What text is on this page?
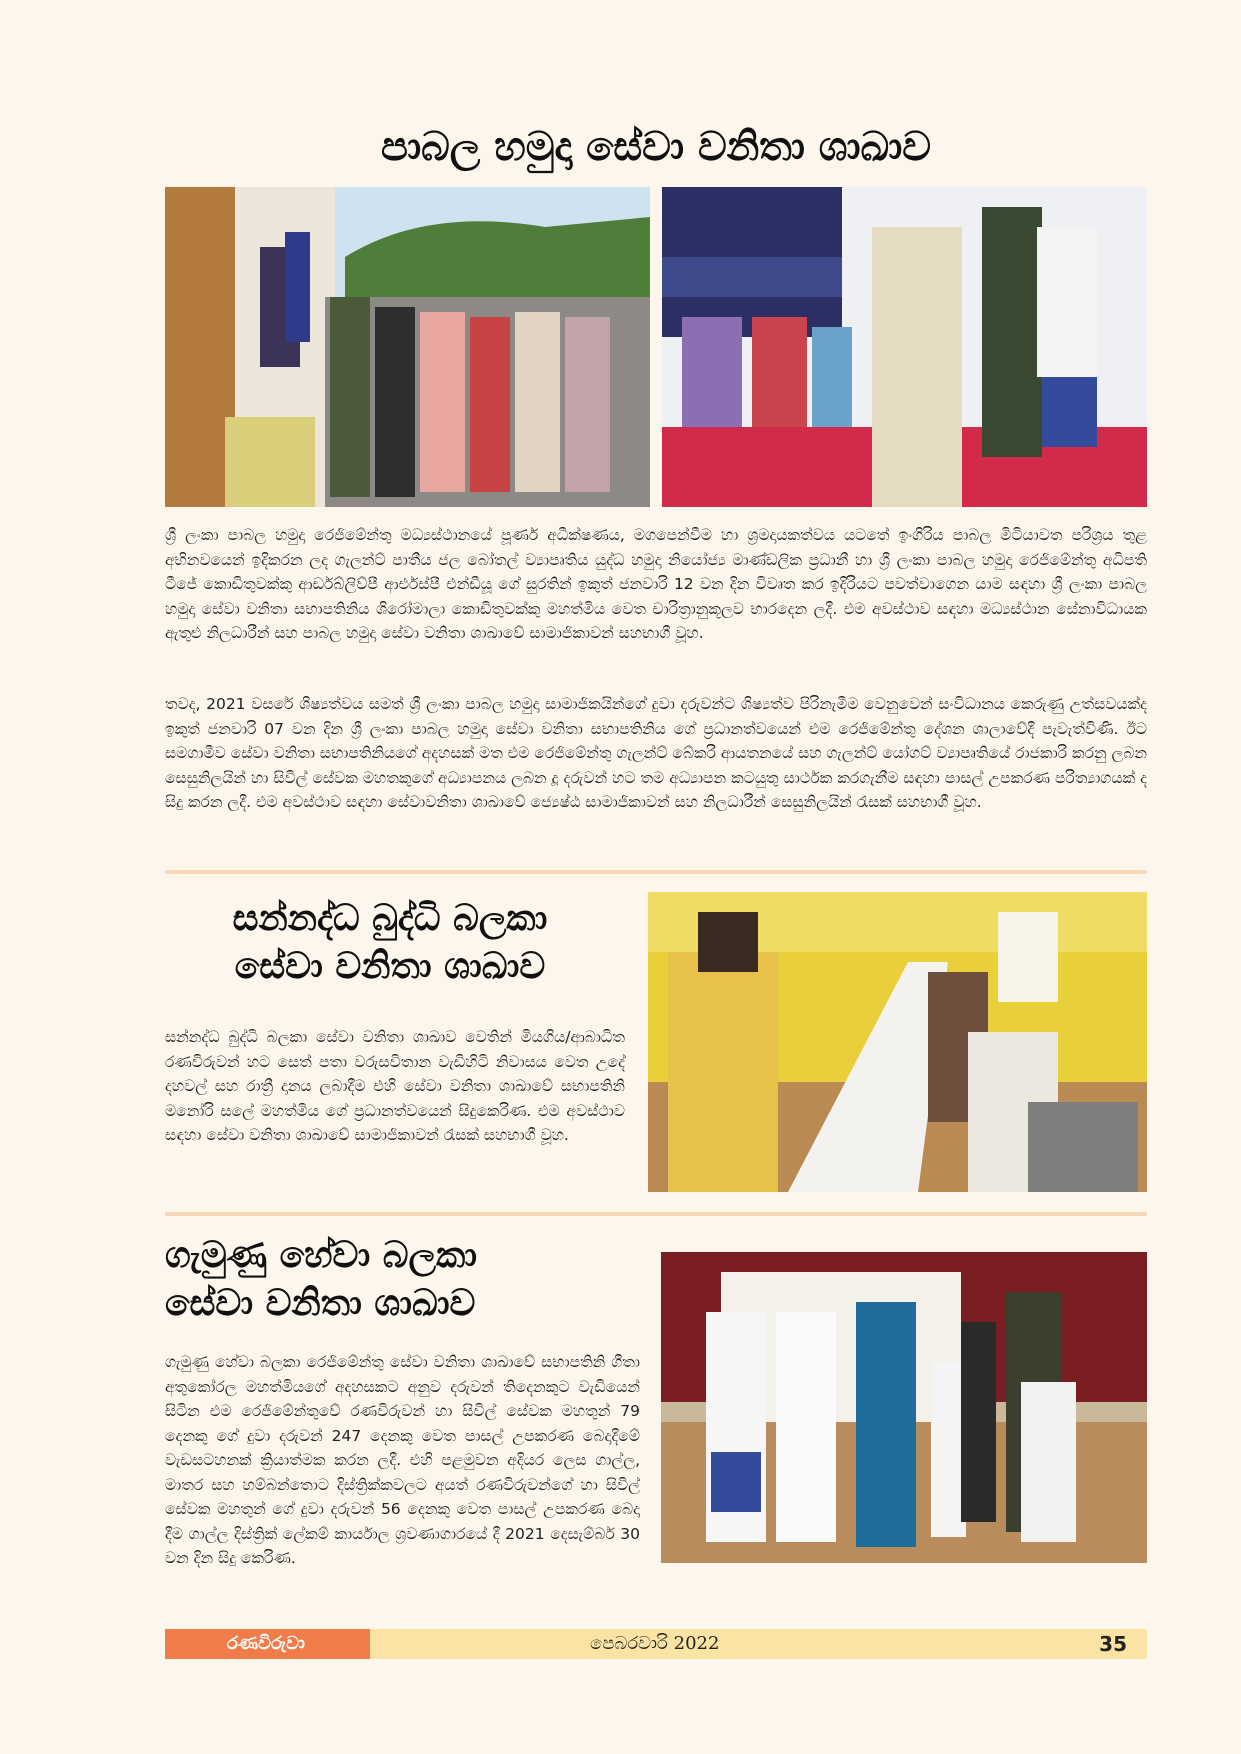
පාබල හමුදා සේවා වනිතා ශාඛාව

ශ්‍රී ලංකා පාබල හමුදා රෙජිමේන්තු මධ්‍යස්ථානයේ පූර්ණ අධීක්ෂණය, මගපෙන්වීම හා ශ්‍රමදායකත්වය යටතේ ඉංගිරිය පාබල මිටියාවත පරිශ්‍රය තුළ අභිනවයෙන් ඉදිකරන ලද ගැලන්ට් පාතීය ජල බෝතල් ව්‍යාපෘතිය යුද්ධ හමුදා නියෝජ්‍ය මාණ්ඩලික ප්‍රධානී හා ශ්‍රී ලංකා පාබල හමුදා රෙජිමේන්තු අධිපති ටීජේ කොඩිතුවක්කු ආර්ඩබ්ලිව්පී ආර්එස්පී එන්ඩීයූ ගේ සුරතින් ඉකුත් ජනවාරි 12 වන දින විවෘත කර ඉදිරියට පවත්වාගෙන යාම සඳහා ශ්‍රී ලංකා පාබල හමුදා සේවා වනිතා සභාපතිනිය ශිරෝමාලා කොඩිතුවක්කු මහත්මිය වෙත චාරිත්‍රානුකූලව භාරදෙන ලදී. එම අවස්ථාව සඳහා මධ්‍යස්ථාන සේනාවිධායක ඇතුළු නිලධාරීන් සහ පාබල හමුදා සේවා වනිතා ශාඛාවේ සාමාජිකාවන් සහභාගී වූහ.

තවද, 2021 වසරේ ශිෂ්‍යත්වය සමත් ශ්‍රී ලංකා පාබල හමුදා සාමාජිකයින්ගේ දුවා දරුවන්ට ශිෂ්‍යත්ව පිරිනැමීම වෙනුවෙන් සංවිධානය කෙරුණු උත්සවයක්ද ඉකුත් ජනවාරි 07 වන දින ශ්‍රී ලංකා පාබල හමුදා සේවා වනිතා සභාපතිනිය ගේ ප්‍රධානත්වයෙන් එම රෙජිමේන්තු දේශන ශාලාවේදී පැවැත්විණි. ඊට සමගාමීව සේවා වනිතා සභාපතිනියගේ අදහසක් මත එම රෙජිමේන්තු ගැලන්ට් බේකරි ආයතනයේ සහ ගැලන්ට් යෝගට් ව්‍යාපෘතියේ රාජකාරි කරනු ලබන සෙසුනිලයින් හා සිවිල් සේවක මහතකුගේ අධ්‍යාපනය ලබන දූ දරුවන් හට තම අධ්‍යාපන කටයුතු සාර්ථක කරගැනීම සඳහා පාසල් උපකරණ පරිත්‍යාගයක් ද සිදු කරන ලදී. එම අවස්ථාව සඳහා සේවාවනිතා ශාඛාවේ ජ්‍යෙෂ්ඨ සාමාජිකාවන් සහ නිලධාරීන් සෙසුනිලයින් රැසක් සහභාගී වූහ.

සන්නද්ධ බුද්ධි බලකා
සේවා වනිතා ශාඛාව

සන්නද්ධ බුද්ධි බලකා සේවා වනිතා ශාඛාව වෙතින් මියගිය/ආබාධිත රණවිරුවන් හට සෙත් පතා වරුසවිතාන වැඩිහිටි නිවාසය වෙත උදේ දහවල් සහ රාත්‍රී දානය ලබාදීම එහි සේවා වනිතා ශාඛාවේ සභාපතිනි මනෝරි සලේ මහත්මිය ගේ ප්‍රධානත්වයෙන් සිදුකෙරිණ. එම අවස්ථාව සඳහා සේවා වනිතා ශාඛාවේ සාමාජිකාවන් රැසක් සහභාගී වූහ.

ගැමුණු හේවා බලකා
සේවා වනිතා ශාඛාව

ගැමුණු හේවා බලකා රෙජිමේන්තු සේවා වනිතා ශාඛාවේ සභාපතිනි ගීතා අතුකෝරල මහත්මියගේ අදහසකට අනුව දරුවන් තිදෙනකුට වැඩියෙන් සිටින එම රෙජිමේන්තුවේ රණවිරුවන් හා සිවිල් සේවක මහතුන් 79 දෙනකු ගේ දුවා දරුවන් 247 දෙනකු වෙත පාසල් උපකරණ බෙදාදීමේ වැඩසටහනක් ක්‍රියාත්මක කරන ලදී. එහි පළමුවන අදියර ලෙස ගාල්ල, මාතර සහ හම්බන්තොට දිස්ත්‍රික්කවලට අයත් රණවිරුවන්ගේ හා සිවිල් සේවක මහතුන් ගේ දුවා දරුවන් 56 දෙනකු වෙත පාසල් උපකරණ බෙදා දීම ගාල්ල දිස්ත්‍රික් ලේකම් කාර්යාල ශ්‍රවණාගාරයේ දී 2021 දෙසැම්බර් 30 වන දින සිදු කෙරිණ.

රණවිරුවා	පෙබරවාරි 2022	35
